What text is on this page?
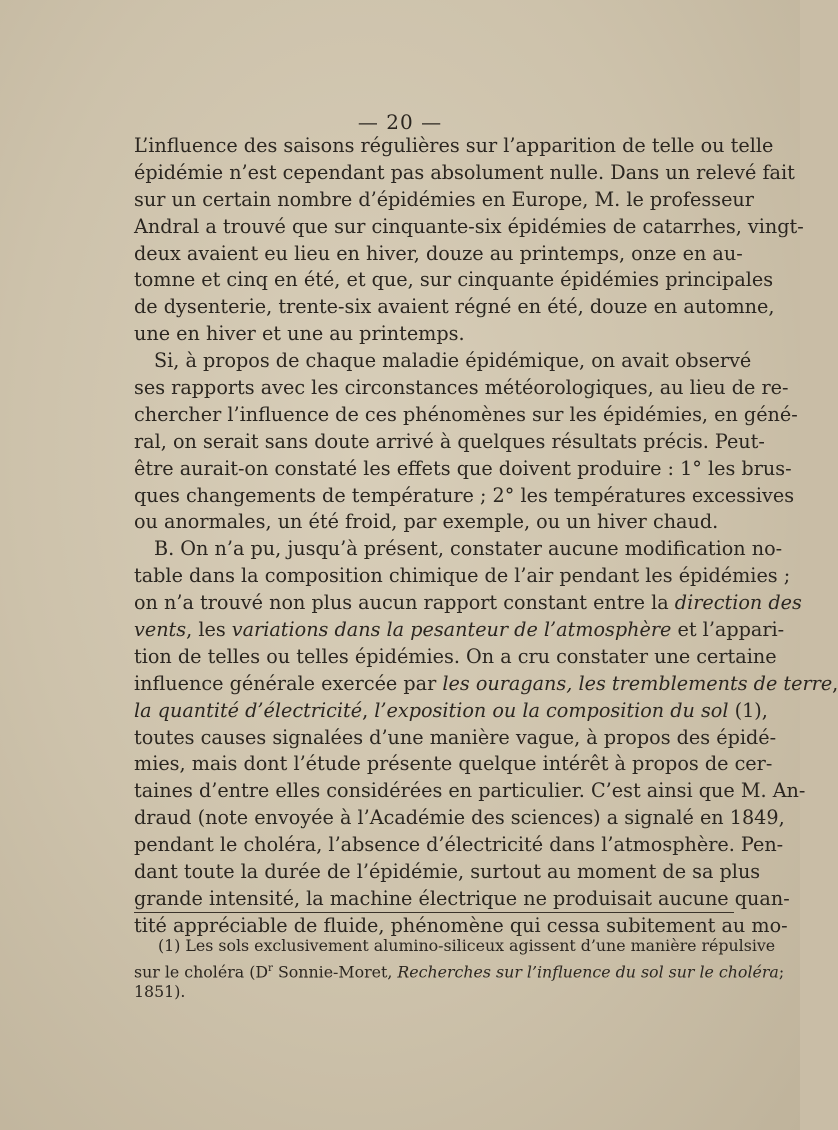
— 20 —
L’influence des saisons régulières sur l’apparition de telle ou telle
épidémie n’est cependant pas absolument nulle. Dans un relevé fait
sur un certain nombre d’épidémies en Europe, M. le professeur
Andral a trouvé que sur cinquante-six épidémies de catarrhes, vingt-
deux avaient eu lieu en hiver, douze au printemps, onze en au-
tomne et cinq en été, et que, sur cinquante épidémies principales
de dysenterie, trente-six avaient régné en été, douze en automne,
une en hiver et une au printemps.
Si, à propos de chaque maladie épidémique, on avait observé
ses rapports avec les circonstances météorologiques, au lieu de re-
chercher l’influence de ces phénomènes sur les épidémies, en géné-
ral, on serait sans doute arrivé à quelques résultats précis. Peut-
être aurait-on constaté les effets que doivent produire : 1° les brus-
ques changements de température ; 2° les températures excessives
ou anormales, un été froid, par exemple, ou un hiver chaud.
B. On n’a pu, jusqu’à présent, constater aucune modification no-
table dans la composition chimique de l’air pendant les épidémies ;
on n’a trouvé non plus aucun rapport constant entre la direction des
vents, les variations dans la pesanteur de l’atmosphère et l’appari-
tion de telles ou telles épidémies. On a cru constater une certaine
influence générale exercée par les ouragans, les tremblements de terre,
la quantité d’électricité, l’exposition ou la composition du sol (1),
toutes causes signalées d’une manière vague, à propos des épidé-
mies, mais dont l’étude présente quelque intérêt à propos de cer-
taines d’entre elles considérées en particulier. C’est ainsi que M. An-
draud (note envoyée à l’Académie des sciences) a signalé en 1849,
pendant le choléra, l’absence d’électricité dans l’atmosphère. Pen-
dant toute la durée de l’épidémie, surtout au moment de sa plus
grande intensité, la machine électrique ne produisait aucune quan-
tité appréciable de fluide, phénomène qui cessa subitement au mo-
(1) Les sols exclusivement alumino-siliceux agissent d’une manière répulsive
sur le choléra ($D^r$ Sonnie-Moret, Recherches sur l’influence du sol sur le choléra;
1851).
